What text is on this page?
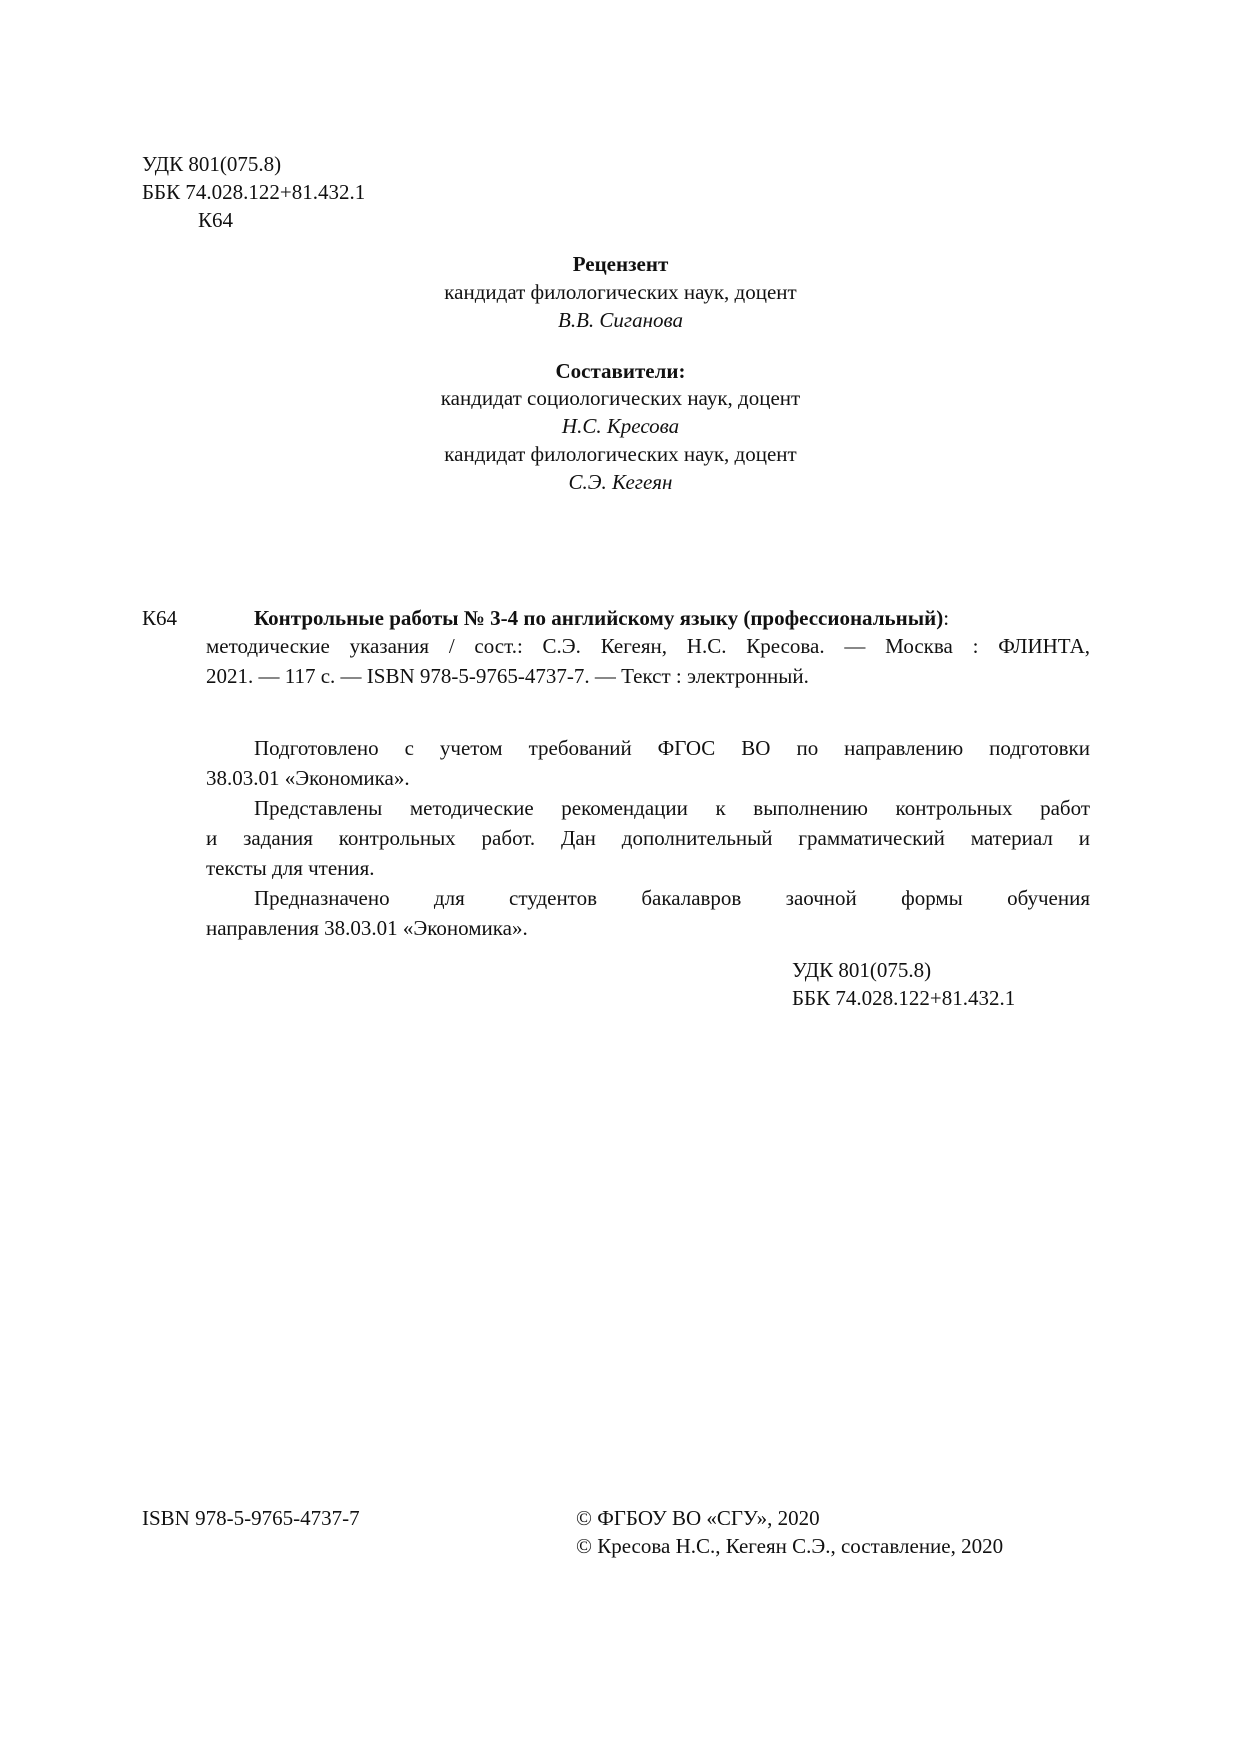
УДК 801(075.8)
ББК 74.028.122+81.432.1
К64
Рецензент
кандидат филологических наук, доцент
В.В. Сиганова
Составители:
кандидат социологических наук, доцент
Н.С. Кресова
кандидат филологических наук, доцент
С.Э. Кегеян
К64	Контрольные работы № 3-4 по английскому языку (профессиональный):
методические указания / сост.: С.Э. Кегеян, Н.С. Кресова. — Москва : ФЛИНТА,
2021. — 117 с. — ISBN 978-5-9765-4737-7. — Текст : электронный.
Подготовлено с учетом требований ФГОС ВО по направлению подготовки
38.03.01 «Экономика».
Представлены методические рекомендации к выполнению контрольных работ
и задания контрольных работ. Дан дополнительный грамматический материал и
тексты для чтения.
Предназначено для студентов бакалавров заочной формы обучения
направления 38.03.01 «Экономика».
УДК 801(075.8)
ББК 74.028.122+81.432.1
ISBN 978-5-9765-4737-7	© ФГБОУ ВО «СГУ», 2020
© Кресова Н.С., Кегеян С.Э., составление, 2020
